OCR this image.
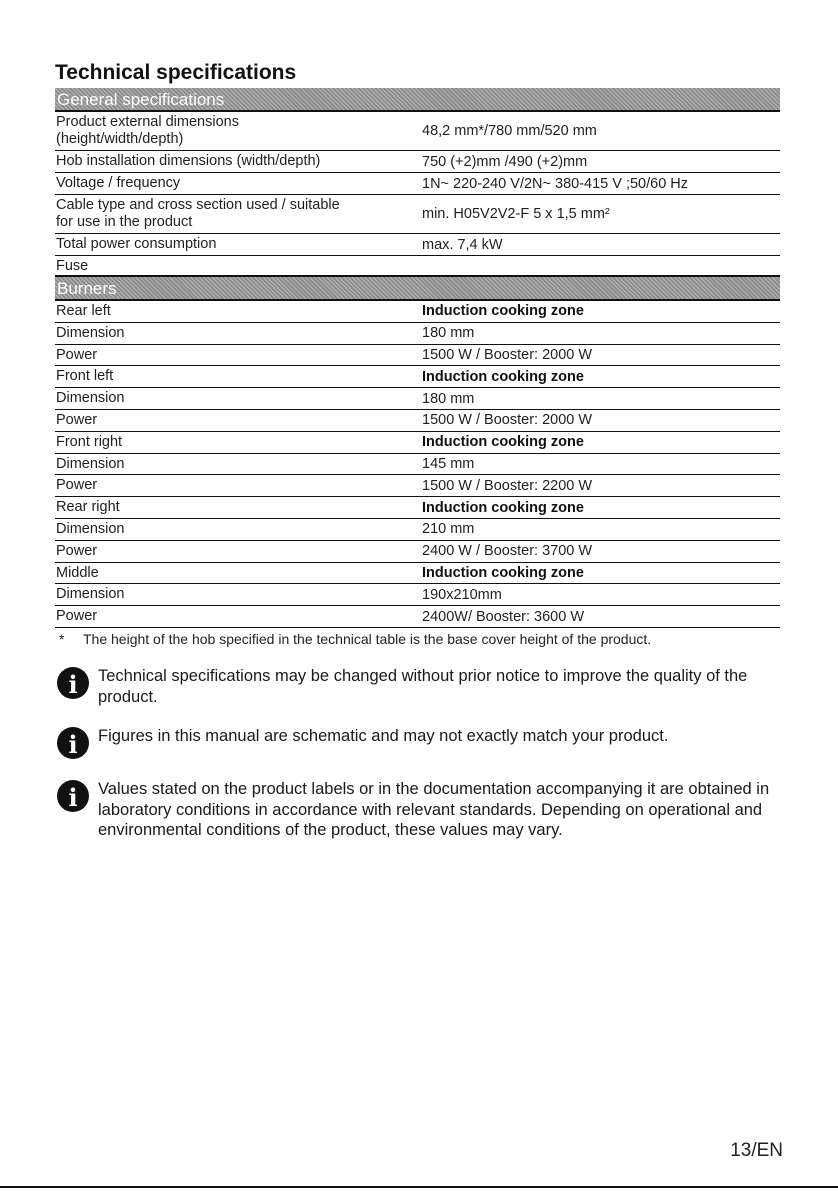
Technical specifications
General specifications
Product external dimensions
(height/width/depth)	48,2 mm*/780 mm/520 mm
Hob installation dimensions (width/depth)	750 (+2)mm /490 (+2)mm
Voltage / frequency	1N~ 220-240 V/2N~ 380-415 V ;50/60 Hz
Cable type and cross section used / suitable
for use in the product	min. H05V2V2-F 5 x 1,5 mm²
Total power consumption	max. 7,4 kW
Fuse
Burners
Rear left	Induction cooking zone
Dimension	180 mm
Power	1500 W / Booster: 2000 W
Front left	Induction cooking zone
Dimension	180 mm
Power	1500 W / Booster: 2000 W
Front right	Induction cooking zone
Dimension	145 mm
Power	1500 W / Booster: 2200 W
Rear right	Induction cooking zone
Dimension	210 mm
Power	2400 W / Booster: 3700 W
Middle	Induction cooking zone
Dimension	190x210mm
Power	2400W/ Booster: 3600 W
* The height of the hob specified in the technical table is the base cover height of the product.
i Technical specifications may be changed without prior notice to improve the quality of the product.
i Figures in this manual are schematic and may not exactly match your product.
i Values stated on the product labels or in the documentation accompanying it are obtained in laboratory conditions in accordance with relevant standards. Depending on operational and environmental conditions of the product, these values may vary.
13/EN
